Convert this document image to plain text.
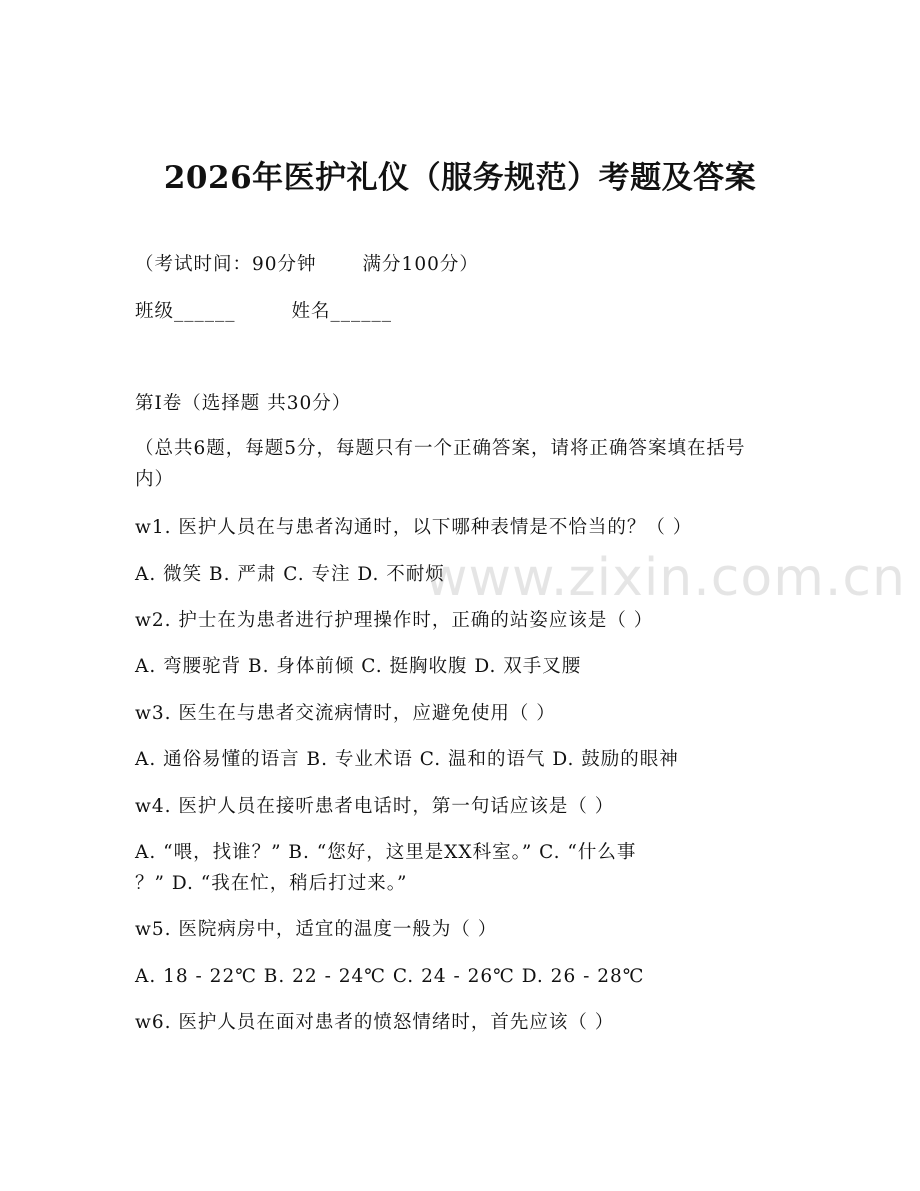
2026年医护礼仪（服务规范）考题及答案
（考试时间：90分钟 满分100分）
班级______	姓名______
第Ⅰ卷（选择题 共30分）
（总共6题，每题5分，每题只有一个正确答案，请将正确答案填在括号内）
w1. 医护人员在与患者沟通时，以下哪种表情是不恰当的？（ ）
A. 微笑 B. 严肃 C. 专注 D. 不耐烦
w2. 护士在为患者进行护理操作时，正确的站姿应该是（ ）
A. 弯腰驼背 B. 身体前倾 C. 挺胸收腹 D. 双手叉腰
w3. 医生在与患者交流病情时，应避免使用（ ）
A. 通俗易懂的语言 B. 专业术语 C. 温和的语气 D. 鼓励的眼神
w4. 医护人员在接听患者电话时，第一句话应该是（ ）
A. “喂，找谁？” B. “您好，这里是XX科室。” C. “什么事
？” D. “我在忙，稍后打过来。”
w5. 医院病房中，适宜的温度一般为（ ）
A. 18 - 22℃ B. 22 - 24℃ C. 24 - 26℃ D. 26 - 28℃
w6. 医护人员在面对患者的愤怒情绪时，首先应该（ ）
www.zixin.com.cn
